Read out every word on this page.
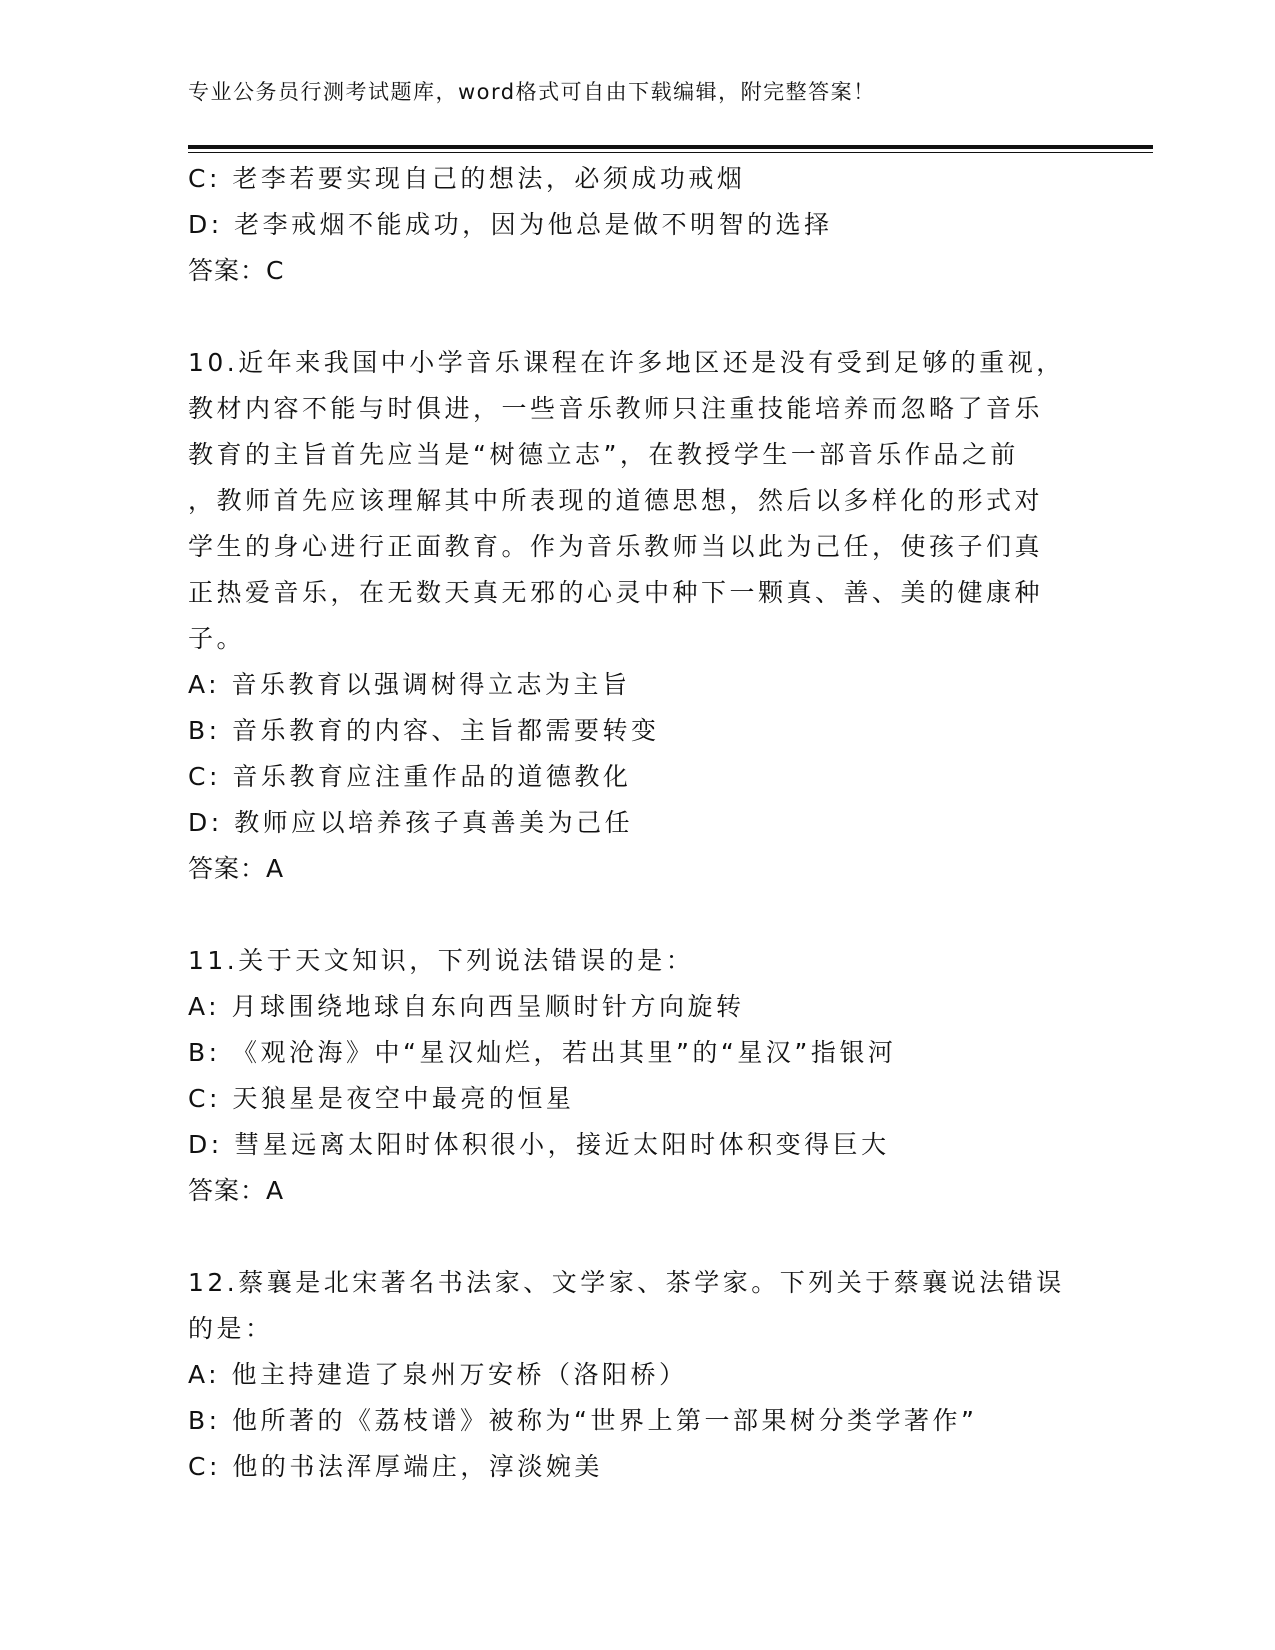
专业公务员行测考试题库，word格式可自由下载编辑，附完整答案！
C: 老李若要实现自己的想法，必须成功戒烟
D: 老李戒烟不能成功，因为他总是做不明智的选择
答案：C
10.近年来我国中小学音乐课程在许多地区还是没有受到足够的重视，
教材内容不能与时俱进，一些音乐教师只注重技能培养而忽略了音乐
教育的主旨首先应当是“树德立志”，在教授学生一部音乐作品之前
，教师首先应该理解其中所表现的道德思想，然后以多样化的形式对
学生的身心进行正面教育。作为音乐教师当以此为己任，使孩子们真
正热爱音乐，在无数天真无邪的心灵中种下一颗真、善、美的健康种
子。
A: 音乐教育以强调树得立志为主旨
B: 音乐教育的内容、主旨都需要转变
C: 音乐教育应注重作品的道德教化
D: 教师应以培养孩子真善美为己任
答案：A
11.关于天文知识，下列说法错误的是：
A: 月球围绕地球自东向西呈顺时针方向旋转
B: 《观沧海》中“星汉灿烂，若出其里”的“星汉”指银河
C: 天狼星是夜空中最亮的恒星
D: 彗星远离太阳时体积很小，接近太阳时体积变得巨大
答案：A
12.蔡襄是北宋著名书法家、文学家、茶学家。下列关于蔡襄说法错误
的是：
A: 他主持建造了泉州万安桥（洛阳桥）
B: 他所著的《荔枝谱》被称为“世界上第一部果树分类学著作”
C: 他的书法浑厚端庄，淳淡婉美
